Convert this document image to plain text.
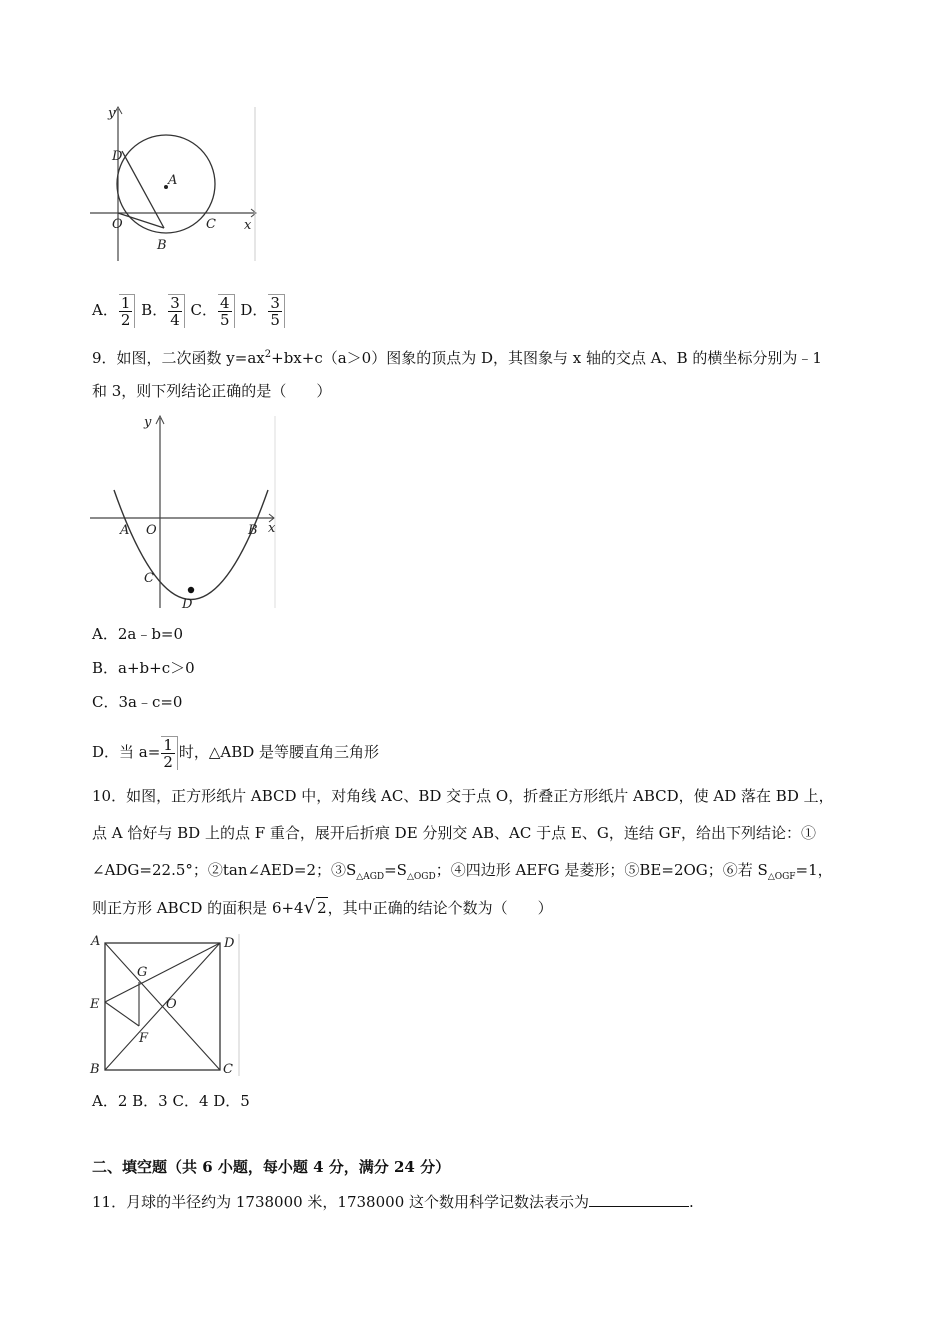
y
x
D
A
O
B
C
A． $\frac{1}{2}$ B． $\frac{3}{4}$ C． $\frac{4}{5}$ D． $\frac{3}{5}$
9．如图，二次函数 $y=ax^2+bx+c(a>0)$图象的顶点为 D，其图象与 x 轴的交点 A、B 的横坐标分别为﹣1
和 3，则下列结论正确的是（　　）
y
x
A O	B
C
D
A．2a﹣b=0
B．a+b+c＞0
C．3a﹣c=0
D．当 $a= \frac{1}{2}$ 时，△ABD 是等腰直角三角形
10．如图，正方形纸片 ABCD 中，对角线 AC、BD 交于点 O，折叠正方形纸片 ABCD，使 AD 落在 BD 上，
点 A 恰好与 BD 上的点 F 重合，展开后折痕 DE 分别交 AB、AC 于点 E、G，连结 GF，给出下列结论：①
∠ADG=22.5°；②tan∠AED=2；$③S_{\triangle AGD}=S_{\triangle OGD}$；④四边形 AEFG 是菱形；⑤BE=2OG；⑥若 $S_{\triangle OGF}=1$，
则正方形 ABCD 的面积是 6+4√ 2，其中正确的结论个数为（　　）
A	D
G
E	O
F
B	C
A．2 B．3 C．4 D．5
二、填空题（共 6 小题，每小题 4 分，满分 24 分）
11．月球的半径约为 1738000 米，1738000 这个数用科学记数法表示为	.
